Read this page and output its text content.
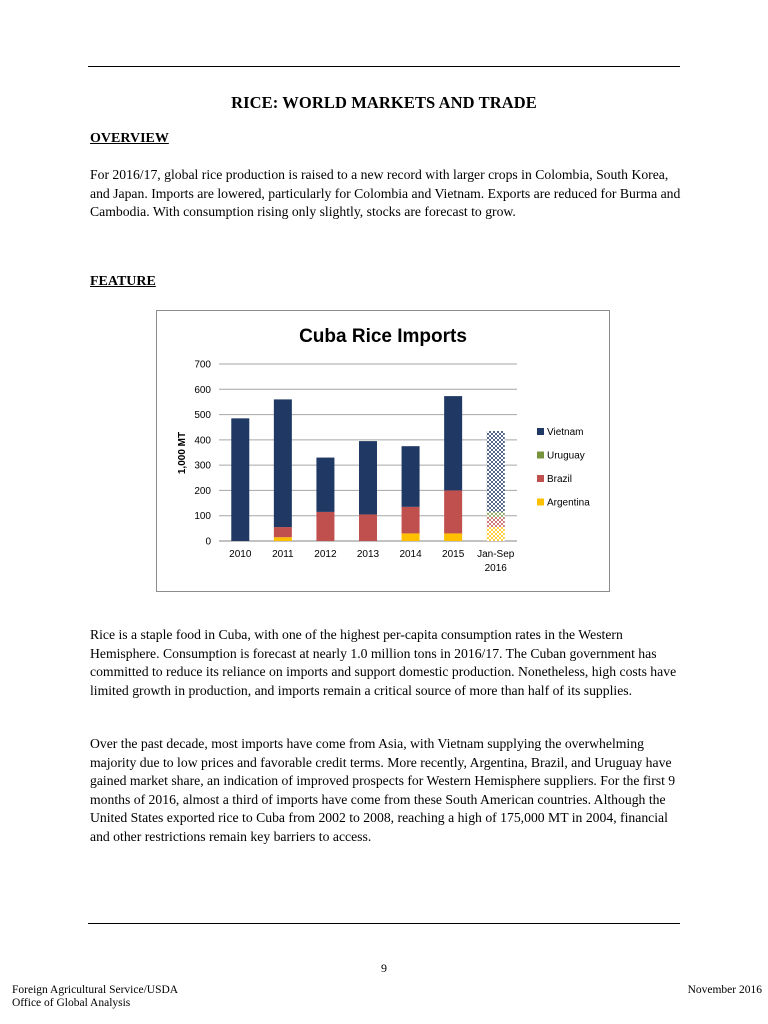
RICE: WORLD MARKETS AND TRADE
OVERVIEW

For 2016/17, global rice production is raised to a new record with larger crops in Colombia, South Korea, and Japan. Imports are lowered, particularly for Colombia and Vietnam. Exports are reduced for Burma and Cambodia. With consumption rising only slightly, stocks are forecast to grow.

FEATURE
Cuba Rice Imports
1,000 MT
0
100
200
300
400
500
600
700
2010 2011 2012 2013 2014 2015 Jan-Sep
2016
Vietnam
Uruguay
Brazil
Argentina

Rice is a staple food in Cuba, with one of the highest per-capita consumption rates in the Western Hemisphere. Consumption is forecast at nearly 1.0 million tons in 2016/17. The Cuban government has committed to reduce its reliance on imports and support domestic production. Nonetheless, high costs have limited growth in production, and imports remain a critical source of more than half of its supplies.

Over the past decade, most imports have come from Asia, with Vietnam supplying the overwhelming majority due to low prices and favorable credit terms. More recently, Argentina, Brazil, and Uruguay have gained market share, an indication of improved prospects for Western Hemisphere suppliers. For the first 9 months of 2016, almost a third of imports have come from these South American countries. Although the United States exported rice to Cuba from 2002 to 2008, reaching a high of 175,000 MT in 2004, financial and other restrictions remain key barriers to access.

9
Foreign Agricultural Service/USDA
Office of Global Analysis
November 2016
